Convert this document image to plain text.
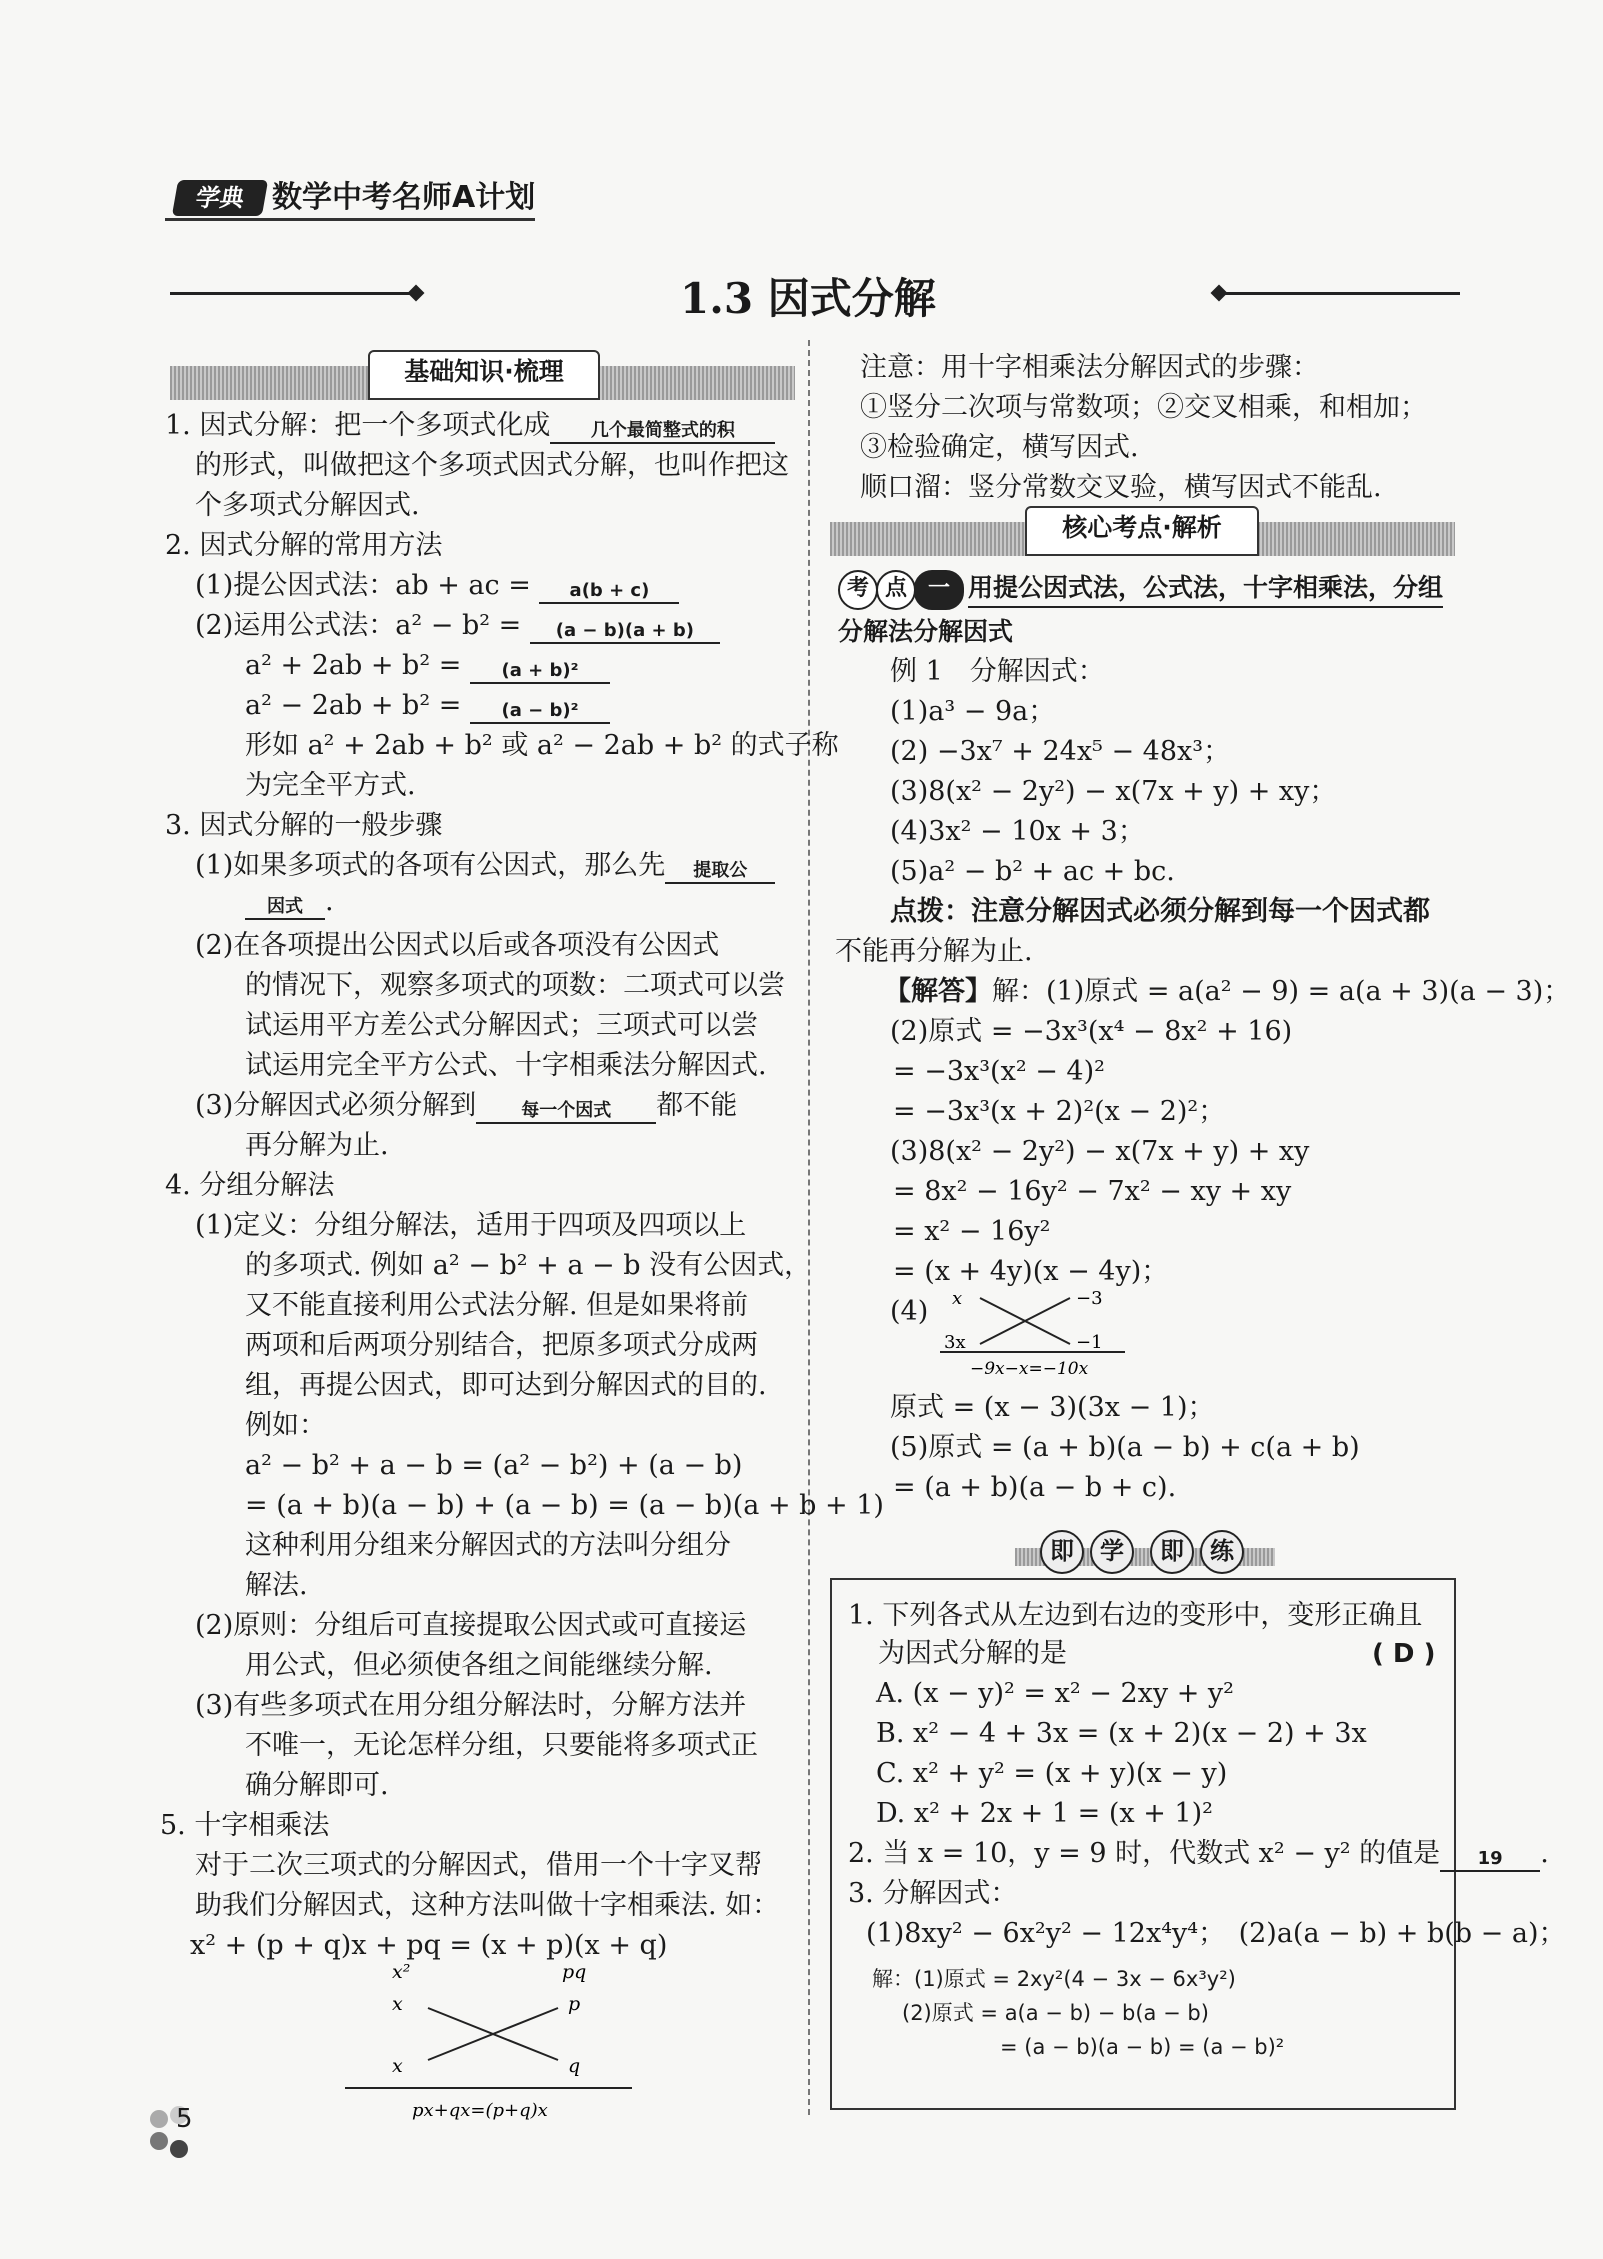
学典 数学中考名师A计划
1.3 因式分解
基础知识·梳理
1. 因式分解：把一个多项式化成 几个最简整式的积
的形式，叫做把这个多项式因式分解，也叫作把这
个多项式分解因式.
2. 因式分解的常用方法
(1)提公因式法：ab + ac = a(b + c)
(2)运用公式法：a² − b² = (a − b)(a + b)
a² + 2ab + b² = (a + b)²
a² − 2ab + b² = (a − b)²
形如 a² + 2ab + b² 或 a² − 2ab + b² 的式子称
为完全平方式.
3. 因式分解的一般步骤
(1)如果多项式的各项有公因式，那么先 提取公
因式 .
(2)在各项提出公因式以后或各项没有公因式
的情况下，观察多项式的项数：二项式可以尝
试运用平方差公式分解因式；三项式可以尝
试运用完全平方公式、十字相乘法分解因式.
(3)分解因式必须分解到	每一个因式 都不能
再分解为止.
4. 分组分解法
(1)定义：分组分解法，适用于四项及四项以上
的多项式. 例如 a² − b² + a − b 没有公因式，
又不能直接利用公式法分解. 但是如果将前
两项和后两项分别结合，把原多项式分成两
组，再提公因式，即可达到分解因式的目的.
例如：
a² − b² + a − b = (a² − b²) + (a − b)
= (a + b)(a − b) + (a − b) = (a − b)(a + b + 1)
这种利用分组来分解因式的方法叫分组分
解法.
(2)原则：分组后可直接提取公因式或可直接运
用公式，但必须使各组之间能继续分解.
(3)有些多项式在用分组分解法时，分解方法并
不唯一，无论怎样分组，只要能将多项式正
确分解即可.
5. 十字相乘法
对于二次三项式的分解因式，借用一个十字叉帮
助我们分解因式，这种方法叫做十字相乘法. 如：
x² + (p + q)x + pq = (x + p)(x + q)
x²
x
x
pq
p
q
px+qx=(p+q)x
注意：用十字相乘法分解因式的步骤：
①竖分二次项与常数项；②交叉相乘，和相加；
③检验确定，横写因式.
顺口溜：竖分常数交叉验，横写因式不能乱.
核心考点·解析
考 点 一 用提公因式法，公式法，十字相乘法，分组
分解法分解因式
例 1　分解因式：
(1)a³ − 9a；
(2) −3x⁷ + 24x⁵ − 48x³；
(3)8(x² − 2y²) − x(7x + y) + xy；
(4)3x² − 10x + 3；
(5)a² − b² + ac + bc.
点拨：注意分解因式必须分解到每一个因式都
不能再分解为止.
【解答】解：(1)原式 = a(a² − 9) = a(a + 3)(a − 3)；
(2)原式 = −3x³(x⁴ − 8x² + 16)
= −3x³(x² − 4)²
= −3x³(x + 2)²(x − 2)²；
(3)8(x² − 2y²) − x(7x + y) + xy
= 8x² − 16y² − 7x² − xy + xy
= x² − 16y²
= (x + 4y)(x − 4y)；
(4) x
3x
−3
−1
−9x−x=−10x
原式 = (x − 3)(3x − 1)；
(5)原式 = (a + b)(a − b) + c(a + b)
= (a + b)(a − b + c).
即	学	即	练
1. 下列各式从左边到右边的变形中，变形正确且
为因式分解的是	( D )
A. (x − y)² = x² − 2xy + y²
B. x² − 4 + 3x = (x + 2)(x − 2) + 3x
C. x² + y² = (x + y)(x − y)
D. x² + 2x + 1 = (x + 1)²
2. 当 x = 10，y = 9 时，代数式 x² − y² 的值是 19 .
3. 分解因式：
(1)8xy² − 6x²y² − 12x⁴y⁴；　(2)a(a − b) + b(b − a)；
解：(1)原式 = 2xy²(4 − 3x − 6x³y²)
(2)原式 = a(a − b) − b(a − b)
= (a − b)(a − b) = (a − b)²
5
